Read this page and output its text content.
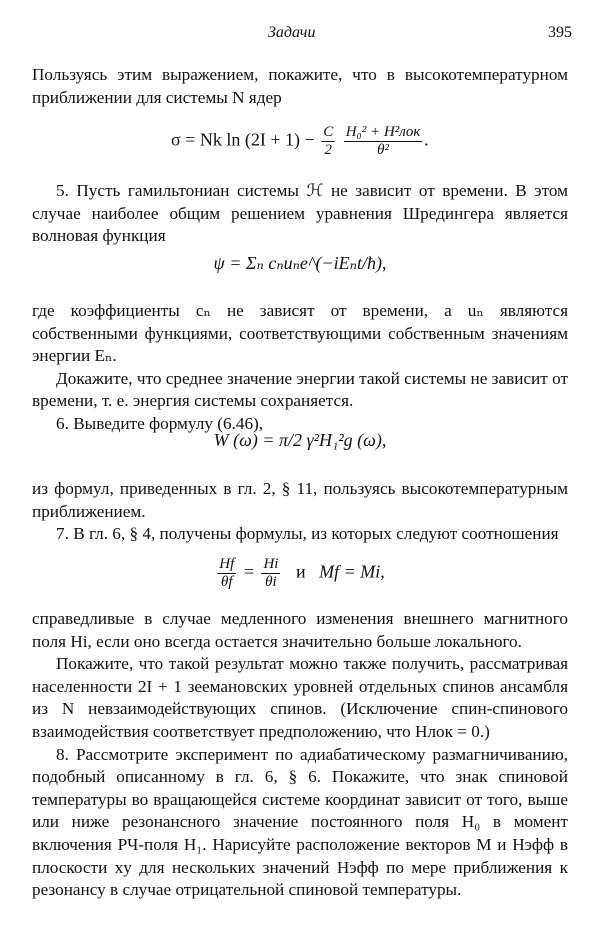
Задачи	395

Пользуясь этим выражением, покажите, что в высокотемпературном приближении для системы N ядер

σ = Nk $\ln (2I + 1) - \frac{C}{2}$
$\frac{\text{H₀² + H²лок}}{\text{θ²}}$ .

5. Пусть гамильтониан системы ℋ не зависит от времени. В этом случае наиболее общим решением уравнения Шредингера является волновая функция

ψ = Σₙ cₙuₙe^(−iEₙt/ħ),

где коэффициенты cₙ не зависят от времени, а uₙ являются собственными функциями, соответствующими собственным значениям энергии Eₙ.

Докажите, что среднее значение энергии такой системы не зависит от времени, т. е. энергия системы сохраняется.

6. Выведите формулу (6.46),

W (ω) = π/2 γ²H₁²g (ω),

из формул, приведенных в гл. 2, § 11, пользуясь высокотемпературным приближением.

7. В гл. 6, § 4, получены формулы, из которых следуют соотношения

$\frac{Hf}{\theta f} = \frac{Hi}{\theta i}$ и Mf = Mi,

справедливые в случае медленного изменения внешнего магнитного поля Hi, если оно всегда остается значительно больше локального.

Покажите, что такой результат можно также получить, рассматривая населенности 2I + 1 зеемановских уровней отдельных спинов ансамбля из N невзаимодействующих спинов. (Исключение спин-спинового взаимодействия соответствует предположению, что Hлок = 0.)

8. Рассмотрите эксперимент по адиабатическому размагничиванию, подобный описанному в гл. 6, § 6. Покажите, что знак спиновой температуры во вращающейся системе координат зависит от того, выше или ниже резонансного значение постоянного поля H₀ в момент включения РЧ-поля H₁. Нарисуйте расположение векторов M и Hэфф в плоскости xy для нескольких значений Hэфф по мере приближения к резонансу в случае отрицательной спиновой температуры.
